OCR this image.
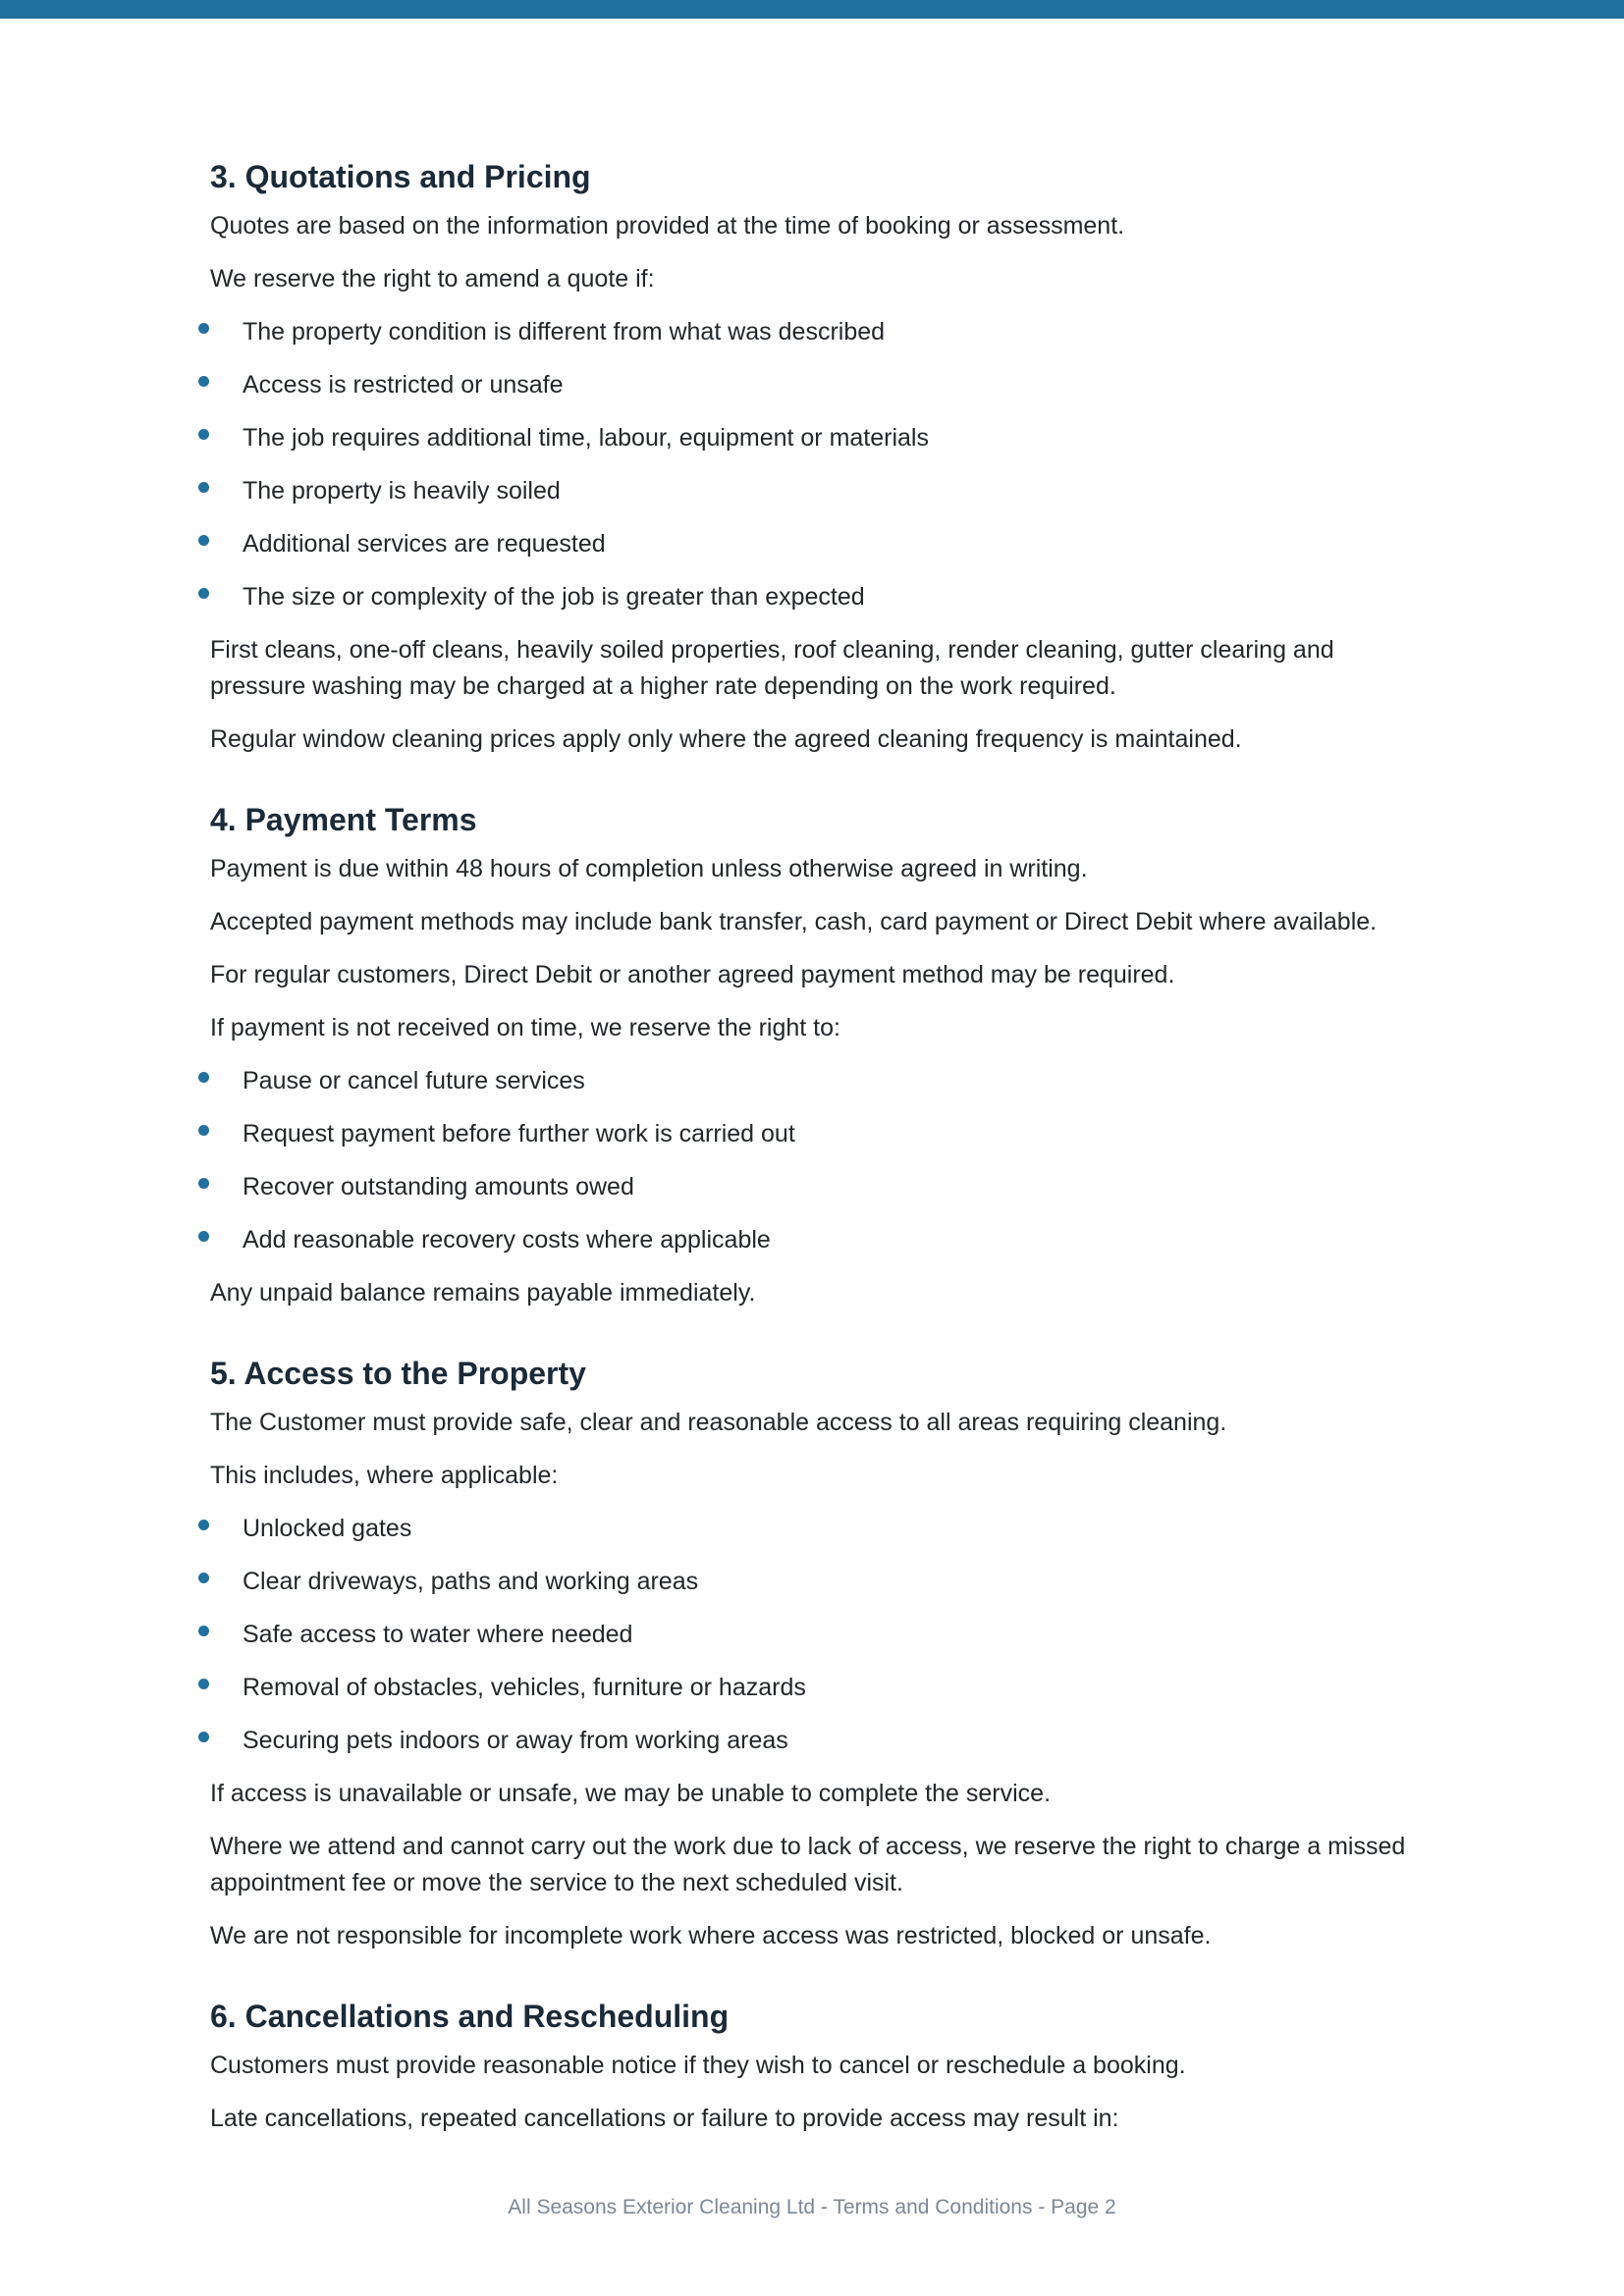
3. Quotations and Pricing

Quotes are based on the information provided at the time of booking or assessment.

We reserve the right to amend a quote if:

The property condition is different from what was described
Access is restricted or unsafe
The job requires additional time, labour, equipment or materials
The property is heavily soiled
Additional services are requested
The size or complexity of the job is greater than expected

First cleans, one-off cleans, heavily soiled properties, roof cleaning, render cleaning, gutter clearing and pressure washing may be charged at a higher rate depending on the work required.

Regular window cleaning prices apply only where the agreed cleaning frequency is maintained.

4. Payment Terms

Payment is due within 48 hours of completion unless otherwise agreed in writing.

Accepted payment methods may include bank transfer, cash, card payment or Direct Debit where available.

For regular customers, Direct Debit or another agreed payment method may be required.

If payment is not received on time, we reserve the right to:

Pause or cancel future services
Request payment before further work is carried out
Recover outstanding amounts owed
Add reasonable recovery costs where applicable

Any unpaid balance remains payable immediately.

5. Access to the Property

The Customer must provide safe, clear and reasonable access to all areas requiring cleaning.

This includes, where applicable:

Unlocked gates
Clear driveways, paths and working areas
Safe access to water where needed
Removal of obstacles, vehicles, furniture or hazards
Securing pets indoors or away from working areas

If access is unavailable or unsafe, we may be unable to complete the service.

Where we attend and cannot carry out the work due to lack of access, we reserve the right to charge a missed appointment fee or move the service to the next scheduled visit.

We are not responsible for incomplete work where access was restricted, blocked or unsafe.

6. Cancellations and Rescheduling

Customers must provide reasonable notice if they wish to cancel or reschedule a booking.

Late cancellations, repeated cancellations or failure to provide access may result in:

All Seasons Exterior Cleaning Ltd - Terms and Conditions - Page 2
